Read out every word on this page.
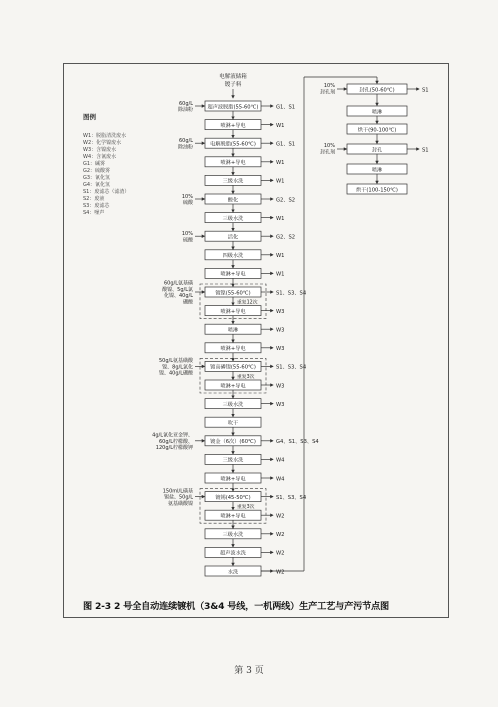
图例
W1：脱脂清洗废水
W2：化学镍废水
W3：含镍废水
W4：含氰废水
G1：碱雾
G2：硫酸雾
G3：氰化氢
G4：氰化氢
S1：废滤芯（滤渣）
S2：废液
S3：废滤芯
S4：噪声
电解液储箱
镀子料
超声波脱脂(55-60℃)	G1、S1
60g/L
除油粉
喷淋+导电	W1
电解脱脂(55-60℃)	G1、S1
60g/L
除油粉
喷淋+导电	W1
三级水洗	W1
酸化	G2、S2
10%
硫酸
三级水洗	W1
活化	G2、S2
10%
硫酸
四级水洗	W1
喷淋+导电	W1
镀镍(55-60℃)	S1、S3、S4
60g/L氨基磺
酸镍、5g/L氯
化镍、40g/L
硼酸	重复12次
喷淋+导电	W3
喷淋	W3
喷淋+导电	W3
镀高磷镍(55-60℃)	S1、S3、S4
50g/L氨基磺酸
镍、8g/L氯化
镍、40g/L硼酸
重复3次
喷淋+导电	W3
三级水洗	W3
吹干
镀金（6次）(60℃)	G4、S1、S3、S4
4g/L氰化亚金钾、
60g/L柠檬酸、
120g/L柠檬酸钾
三级水洗	W4
喷淋+导电	W4
镀锡(45-50℃)	S1、S3、S4
150ml/L磺基
锡盐、50g/L
氨基磺酸镍
重复3次
喷淋+导电	W2
三级水洗	W2
超声波水洗	W2
水洗	W2
封孔(50-60℃)	S1
10%
封孔剂
喷淋
烘干(90-100℃)
封孔	S1
10%
封孔剂
喷淋
烘干(100-150℃)
图 2-3 2 号全自动连续镀机（3&4 号线，一机两线）生产工艺与产污节点图
第 3 页
